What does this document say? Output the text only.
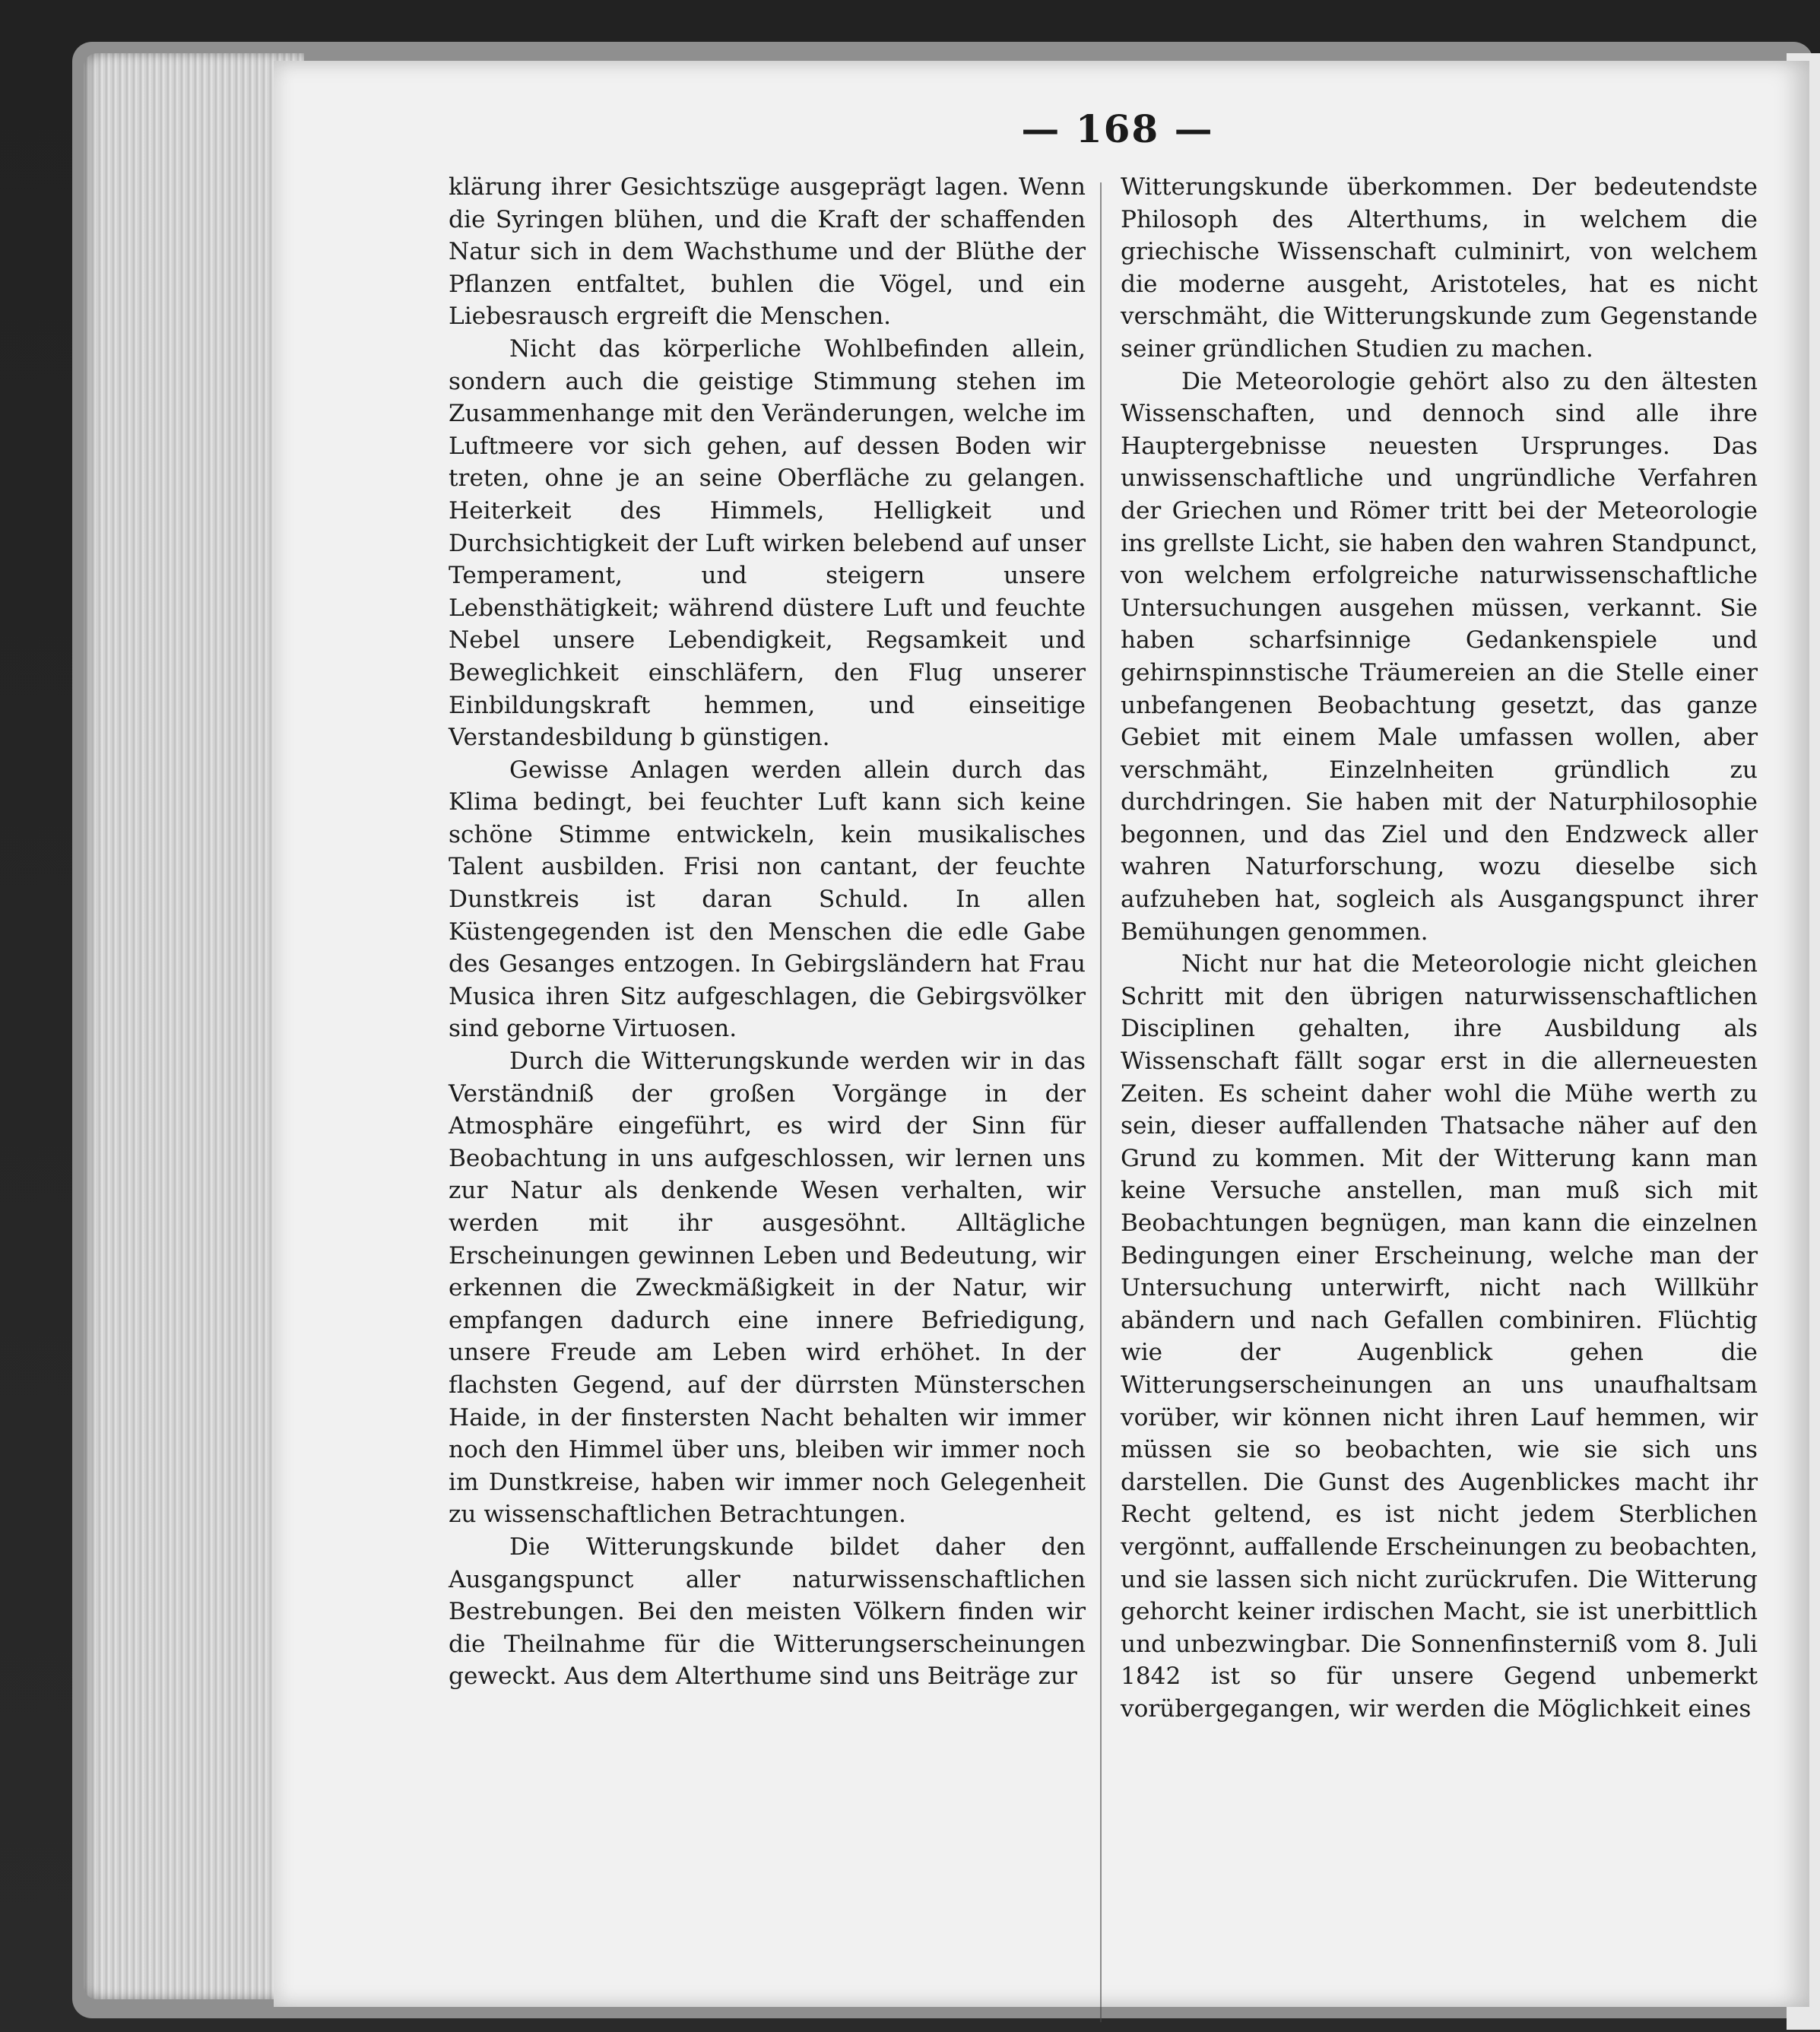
— 168 —

klärung ihrer Gesichtszüge ausgeprägt lagen. Wenn die Syringen blühen, und die Kraft der schaffenden Natur sich in dem Wachsthume und der Blüthe der Pflanzen entfaltet, buhlen die Vögel, und ein Liebesrausch ergreift die Menschen.

Nicht das körperliche Wohlbefinden allein, sondern auch die geistige Stimmung stehen im Zusammenhange mit den Veränderungen, welche im Luftmeere vor sich gehen, auf dessen Boden wir treten, ohne je an seine Oberfläche zu gelangen. Heiterkeit des Himmels, Helligkeit und Durchsichtigkeit der Luft wirken belebend auf unser Temperament, und steigern unsere Lebensthätigkeit; während düstere Luft und feuchte Nebel unsere Lebendigkeit, Regsamkeit und Beweglichkeit einschläfern, den Flug unserer Einbildungskraft hemmen, und einseitige Verstandesbildung b günstigen.

Gewisse Anlagen werden allein durch das Klima bedingt, bei feuchter Luft kann sich keine schöne Stimme entwickeln, kein musikalisches Talent ausbilden. Frisi non cantant, der feuchte Dunstkreis ist daran Schuld. In allen Küstengegenden ist den Menschen die edle Gabe des Gesanges entzogen. In Gebirgsländern hat Frau Musica ihren Sitz aufgeschlagen, die Gebirgsvölker sind geborne Virtuosen.

Durch die Witterungskunde werden wir in das Verständniß der großen Vorgänge in der Atmosphäre eingeführt, es wird der Sinn für Beobachtung in uns aufgeschlossen, wir lernen uns zur Natur als denkende Wesen verhalten, wir werden mit ihr ausgesöhnt. Alltägliche Erscheinungen gewinnen Leben und Bedeutung, wir erkennen die Zweckmäßigkeit in der Natur, wir empfangen dadurch eine innere Befriedigung, unsere Freude am Leben wird erhöhet. In der flachsten Gegend, auf der dürrsten Münsterschen Haide, in der finstersten Nacht behalten wir immer noch den Himmel über uns, bleiben wir immer noch im Dunstkreise, haben wir immer noch Gelegenheit zu wissenschaftlichen Betrachtungen.

Die Witterungskunde bildet daher den Ausgangspunct aller naturwissenschaftlichen Bestrebungen. Bei den meisten Völkern finden wir die Theilnahme für die Witterungserscheinungen geweckt. Aus dem Alterthume sind uns Beiträge zur

Witterungskunde überkommen. Der bedeutendste Philosoph des Alterthums, in welchem die griechische Wissenschaft culminirt, von welchem die moderne ausgeht, Aristoteles, hat es nicht verschmäht, die Witterungskunde zum Gegenstande seiner gründlichen Studien zu machen.

Die Meteorologie gehört also zu den ältesten Wissenschaften, und dennoch sind alle ihre Hauptergebnisse neuesten Ursprunges. Das unwissenschaftliche und ungründliche Verfahren der Griechen und Römer tritt bei der Meteorologie ins grellste Licht, sie haben den wahren Standpunct, von welchem erfolgreiche naturwissenschaftliche Untersuchungen ausgehen müssen, verkannt. Sie haben scharfsinnige Gedankenspiele und gehirnspinnstische Träumereien an die Stelle einer unbefangenen Beobachtung gesetzt, das ganze Gebiet mit einem Male umfassen wollen, aber verschmäht, Einzelnheiten gründlich zu durchdringen. Sie haben mit der Naturphilosophie begonnen, und das Ziel und den Endzweck aller wahren Naturforschung, wozu dieselbe sich aufzuheben hat, sogleich als Ausgangspunct ihrer Bemühungen genommen.

Nicht nur hat die Meteorologie nicht gleichen Schritt mit den übrigen naturwissenschaftlichen Disciplinen gehalten, ihre Ausbildung als Wissenschaft fällt sogar erst in die allerneuesten Zeiten. Es scheint daher wohl die Mühe werth zu sein, dieser auffallenden Thatsache näher auf den Grund zu kommen. Mit der Witterung kann man keine Versuche anstellen, man muß sich mit Beobachtungen begnügen, man kann die einzelnen Bedingungen einer Erscheinung, welche man der Untersuchung unterwirft, nicht nach Willkühr abändern und nach Gefallen combiniren. Flüchtig wie der Augenblick gehen die Witterungserscheinungen an uns unaufhaltsam vorüber, wir können nicht ihren Lauf hemmen, wir müssen sie so beobachten, wie sie sich uns darstellen. Die Gunst des Augenblickes macht ihr Recht geltend, es ist nicht jedem Sterblichen vergönnt, auffallende Erscheinungen zu beobachten, und sie lassen sich nicht zurückrufen. Die Witterung gehorcht keiner irdischen Macht, sie ist unerbittlich und unbezwingbar. Die Sonnenfinsterniß vom 8. Juli 1842 ist so für unsere Gegend unbemerkt vorübergegangen, wir werden die Möglichkeit eines
